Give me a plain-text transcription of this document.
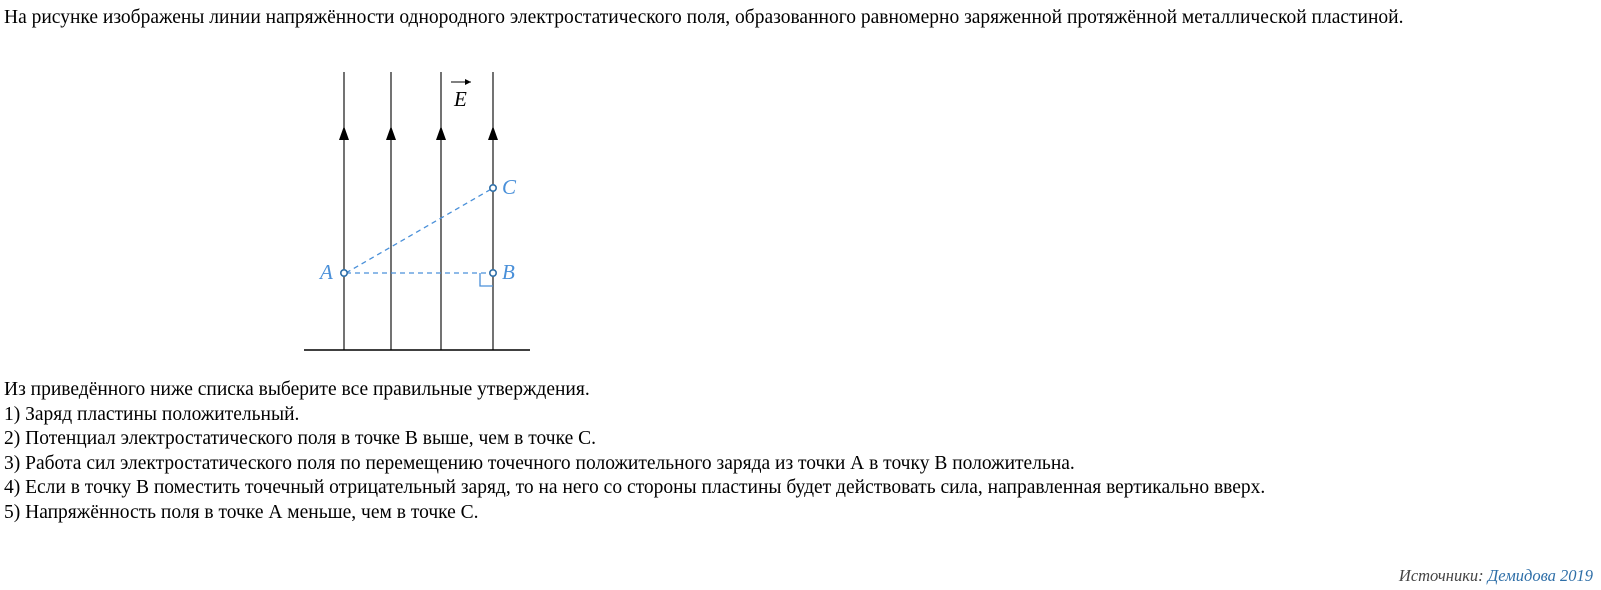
На рисунке изображены линии напряжённости однородного электростатического поля, образованного равномерно заряженной протяжённой металлической пластиной.
E
A	B
C
Из приведённого ниже списка выберите все правильные утверждения.
1) Заряд пластины положительный.
2) Потенциал электростатического поля в точке B выше, чем в точке C.
3) Работа сил электростатического поля по перемещению точечного положительного заряда из точки А в точку В положительна.
4) Если в точку В поместить точечный отрицательный заряд, то на него со стороны пластины будет действовать сила, направленная вертикально вверх.
5) Напряжённость поля в точке А меньше, чем в точке С.
Источники: Демидова 2019
